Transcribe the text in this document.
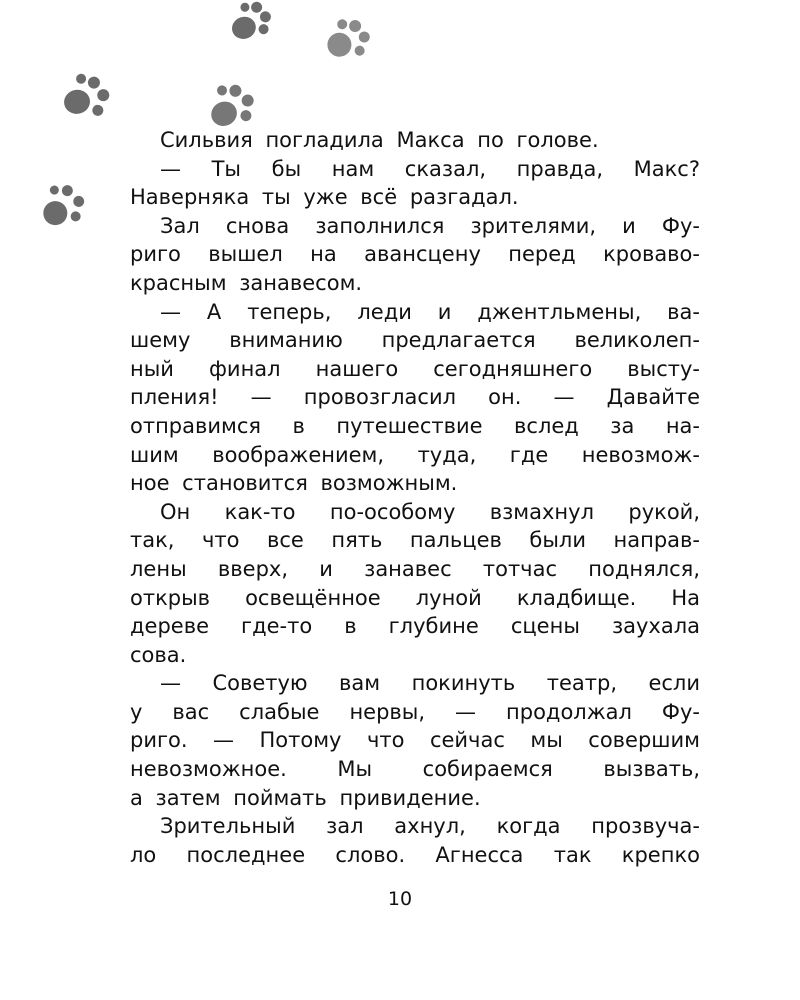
Сильвия погладила Макса по голове.
— Ты бы нам сказал, правда, Макс?
Наверняка ты уже всё разгадал.
Зал снова заполнился зрителями, и Фу-
риго вышел на авансцену перед кроваво-
красным занавесом.
— А теперь, леди и джентльмены, ва-
шему вниманию предлагается великолеп-
ный финал нашего сегодняшнего высту-
пления! — провозгласил он. — Давайте
отправимся в путешествие вслед за на-
шим воображением, туда, где невозмож-
ное становится возможным.
Он как-то по-особому взмахнул рукой,
так, что все пять пальцев были направ-
лены вверх, и занавес тотчас поднялся,
открыв освещённое луной кладбище. На
дереве где-то в глубине сцены заухала
сова.
— Советую вам покинуть театр, если
у вас слабые нервы, — продолжал Фу-
риго. — Потому что сейчас мы совершим
невозможное. Мы собираемся вызвать,
а затем поймать привидение.
Зрительный зал ахнул, когда прозвуча-
ло последнее слово. Агнесса так крепко
10
